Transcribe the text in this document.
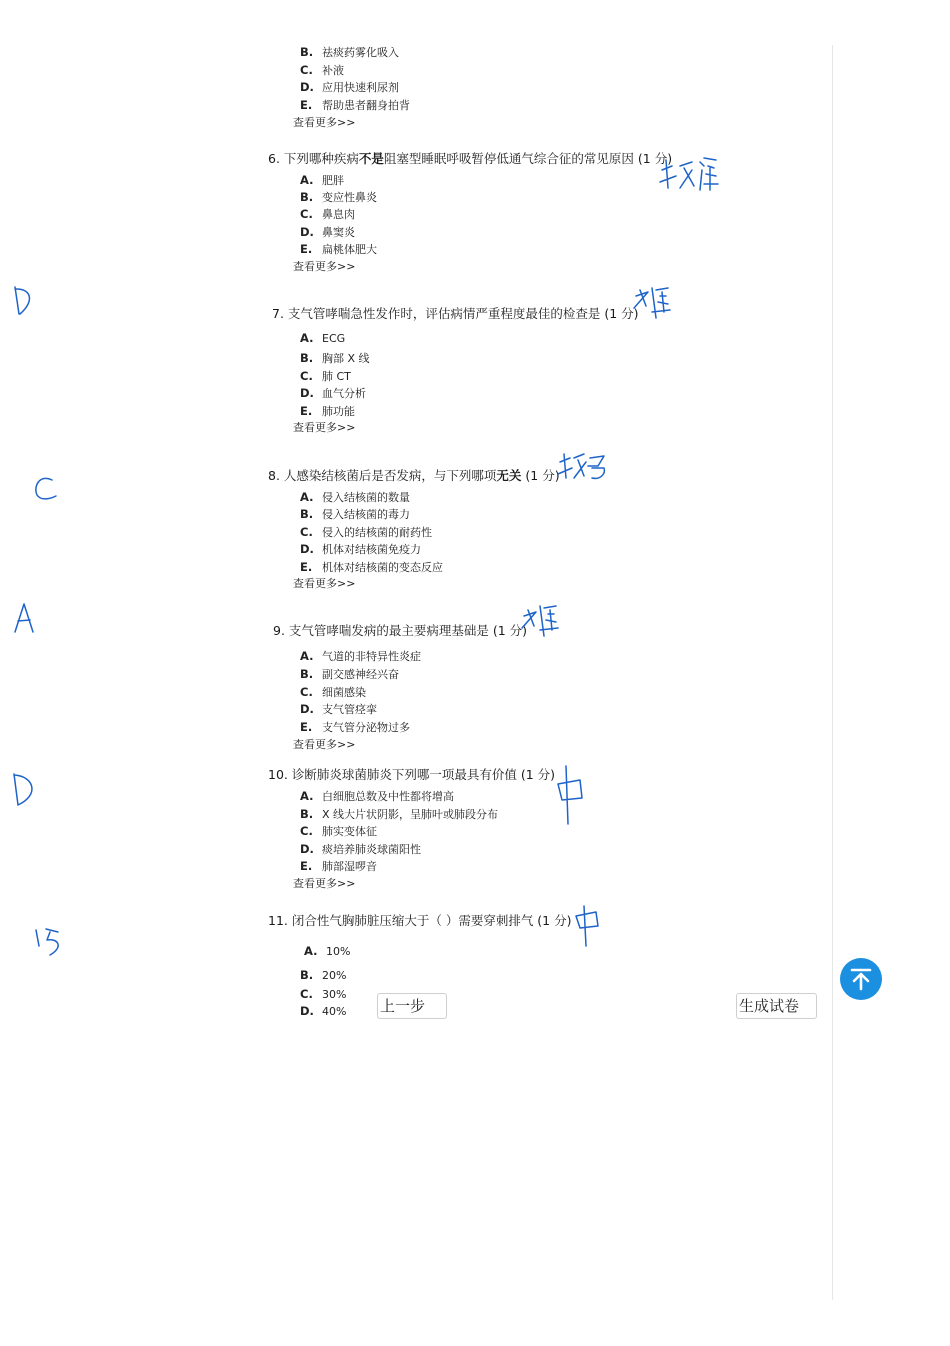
B. 祛痰药雾化吸入
C. 补液
D. 应用快速利尿剂
E. 帮助患者翻身拍背
查看更多>>
6. 下列哪种疾病不是阻塞型睡眠呼吸暂停低通气综合征的常见原因 (1 分)
A. 肥胖
B. 变应性鼻炎
C. 鼻息肉
D. 鼻窦炎
E. 扁桃体肥大
查看更多>>
7. 支气管哮喘急性发作时，评估病情严重程度最佳的检查是 (1 分)
A. ECG
B. 胸部 X 线
C. 肺 CT
D. 血气分析
E. 肺功能
查看更多>>
8. 人感染结核菌后是否发病，与下列哪项无关 (1 分)
A. 侵入结核菌的数量
B. 侵入结核菌的毒力
C. 侵入的结核菌的耐药性
D. 机体对结核菌免疫力
E. 机体对结核菌的变态反应
查看更多>>
9. 支气管哮喘发病的最主要病理基础是 (1 分)
A. 气道的非特异性炎症
B. 副交感神经兴奋
C. 细菌感染
D. 支气管痉挛
E. 支气管分泌物过多
查看更多>>
10. 诊断肺炎球菌肺炎下列哪一项最具有价值 (1 分)
A. 白细胞总数及中性都将增高
B. X 线大片状阴影，呈肺叶或肺段分布
C. 肺实变体征
D. 痰培养肺炎球菌阳性
E. 肺部湿啰音
查看更多>>
11. 闭合性气胸肺脏压缩大于（ ）需要穿刺排气 (1 分)
A. 10%
B. 20%
C. 30%
D. 40% 上一步	生成试卷
